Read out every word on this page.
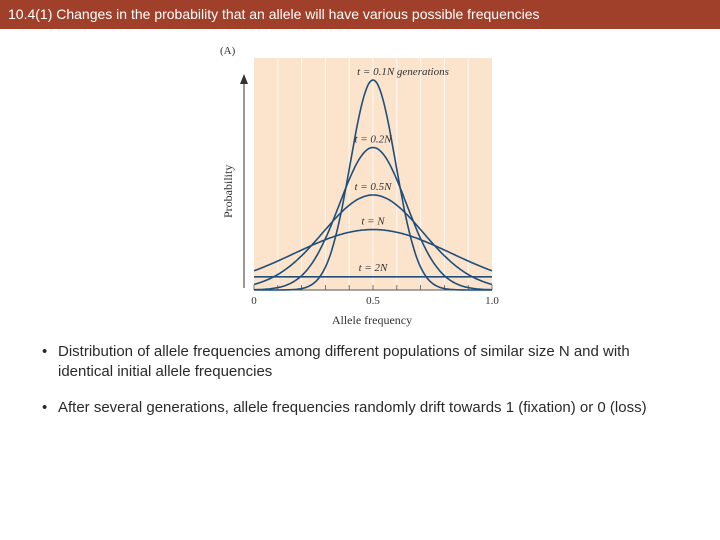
10.4(1) Changes in the probability that an allele will have various possible frequencies
(A)
Probability
Allele frequency
0	0.5	1.0
t = 0.1N generations
t = 0.2N
t = 0.5N
t = N
t = 2N
• Distribution of allele frequencies among different populations of similar size N and with identical initial allele frequencies
• After several generations, allele frequencies randomly drift towards 1 (fixation) or 0 (loss)
